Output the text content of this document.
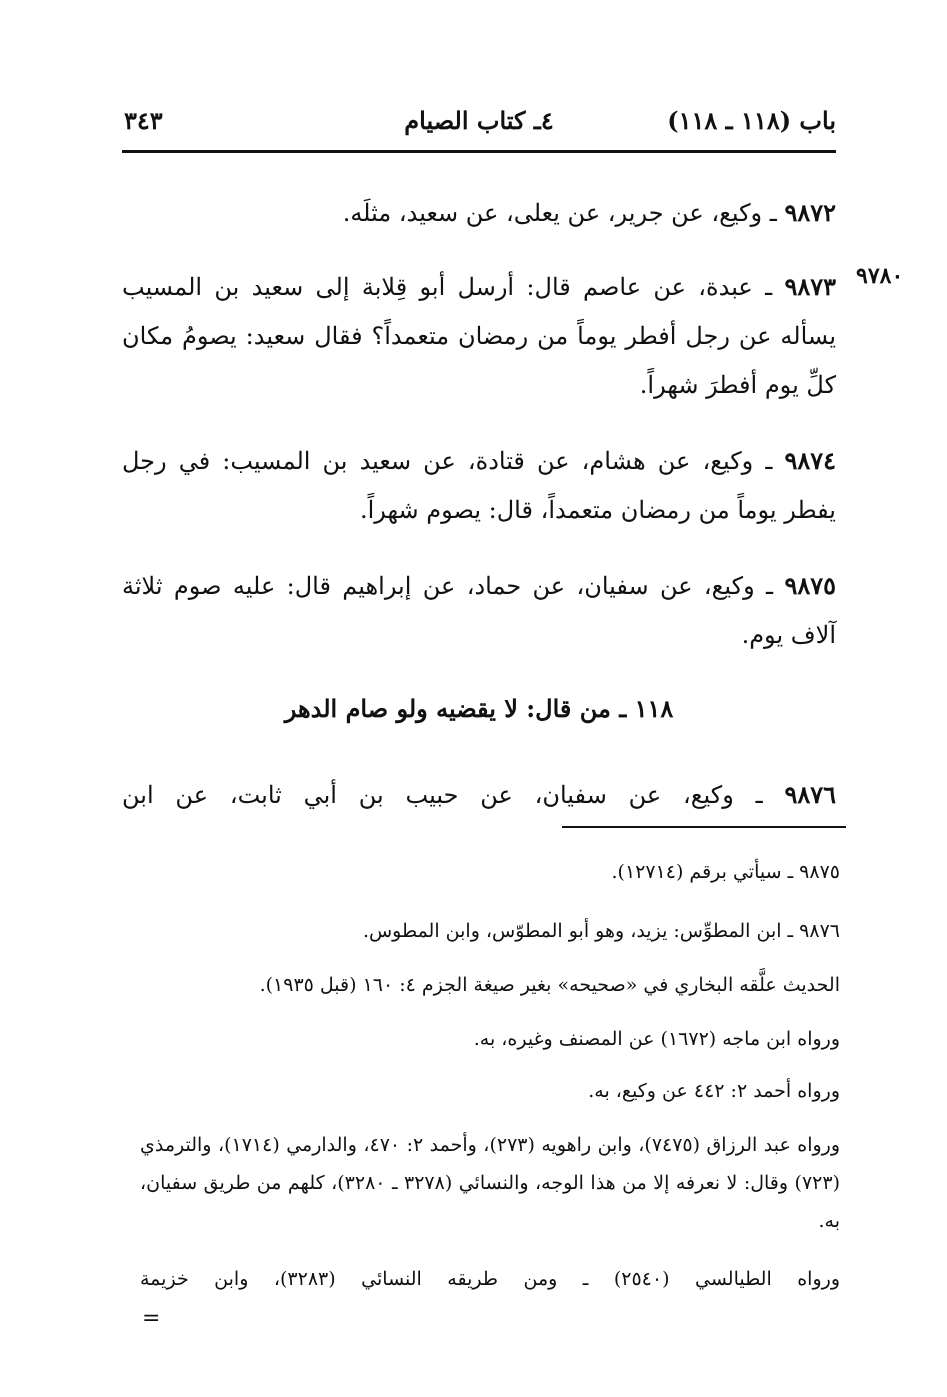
باب (١١٨ ـ ١١٨)
٤ـ كتاب الصيام
٣٤٣
٩٧٨٠
٩٨٧٢ ـ وكيع، عن جرير، عن يعلى، عن سعيد، مثلَه.
٩٨٧٣ ـ عبدة، عن عاصم قال: أرسل أبو قِلابة إلى سعيد بن المسيب يسأله عن رجل أفطر يوماً من رمضان متعمداً؟ فقال سعيد: يصومُ مكان كلِّ يوم أفطرَ شهراً.
٩٨٧٤ ـ وكيع، عن هشام، عن قتادة، عن سعيد بن المسيب: في رجل يفطر يوماً من رمضان متعمداً، قال: يصوم شهراً.
٩٨٧٥ ـ وكيع، عن سفيان، عن حماد، عن إبراهيم قال: عليه صوم ثلاثة آلاف يوم.
١١٨ ـ من قال: لا يقضيه ولو صام الدهر
٩٨٧٦ ـ وكيع، عن سفيان، عن حبيب بن أبي ثابت، عن ابن
٩٨٧٥ ـ سيأتي برقم (١٢٧١٤).
٩٨٧٦ ـ ابن المطوِّس: يزيد، وهو أبو المطوّس، وابن المطوس.
الحديث علَّقه البخاري في «صحيحه» بغير صيغة الجزم ٤: ١٦٠ (قبل ١٩٣٥).
ورواه ابن ماجه (١٦٧٢) عن المصنف وغيره، به.
ورواه أحمد ٢: ٤٤٢ عن وكيع، به.
ورواه عبد الرزاق (٧٤٧٥)، وابن راهويه (٢٧٣)، وأحمد ٢: ٤٧٠، والدارمي (١٧١٤)، والترمذي (٧٢٣) وقال: لا نعرفه إلا من هذا الوجه، والنسائي (٣٢٧٨ ـ ٣٢٨٠)، كلهم من طريق سفيان، به.
ورواه الطيالسي (٢٥٤٠) ـ ومن طريقه النسائي (٣٢٨٣)، وابن خزيمة
=
